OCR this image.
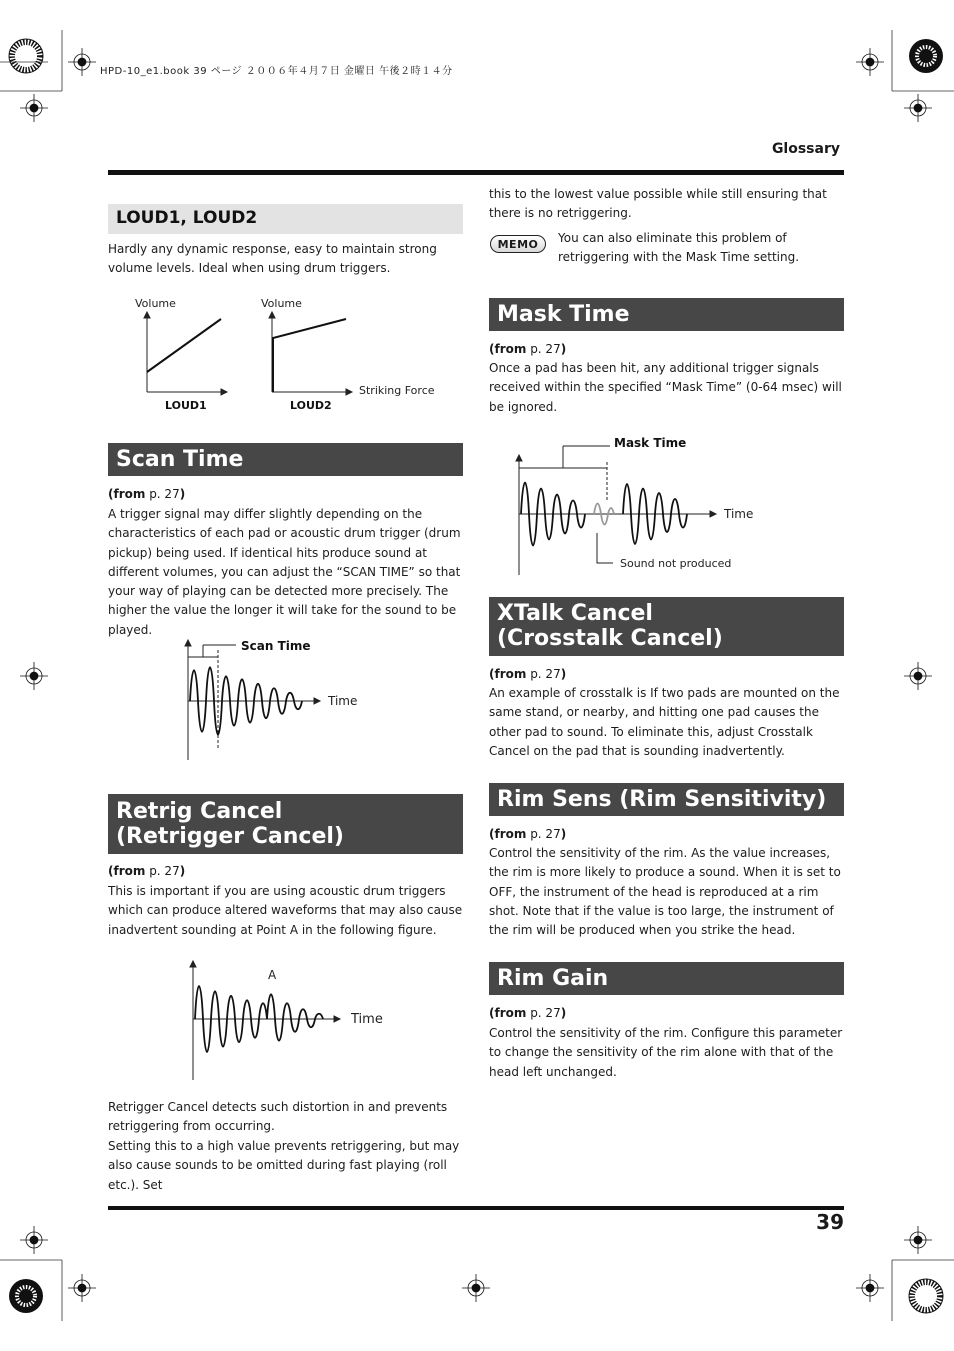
HPD-10_e1.book 39 ページ ２００６年４月７日 金曜日 午後２時１４分
Glossary
LOUD1, LOUD2
Hardly any dynamic response, easy to maintain strong volume levels. Ideal when using drum triggers.
Volume	Volume
Striking Force
LOUD1	LOUD2
Scan Time
(from p. 27)
A trigger signal may differ slightly depending on the characteristics of each pad or acoustic drum trigger (drum pickup) being used. If identical hits produce sound at different volumes, you can adjust the “SCAN TIME” so that your way of playing can be detected more precisely. The higher the value the longer it will take for the sound to be played.
Scan Time
Time
Retrig Cancel
(Retrigger Cancel)
(from p. 27)
This is important if you are using acoustic drum triggers which can produce altered waveforms that may also cause inadvertent sounding at Point A in the following figure.
A
Time
Retrigger Cancel detects such distortion in and prevents retriggering from occurring.
Setting this to a high value prevents retriggering, but may also cause sounds to be omitted during fast playing (roll etc.). Set
this to the lowest value possible while still ensuring that there is no retriggering.
MEMO	You can also eliminate this problem of retriggering with the Mask Time setting.
Mask Time
(from p. 27)
Once a pad has been hit, any additional trigger signals received within the specified “Mask Time” (0-64 msec) will be ignored.
Mask Time
Time
Sound not produced
XTalk Cancel
(Crosstalk Cancel)
(from p. 27)
An example of crosstalk is If two pads are mounted on the same stand, or nearby, and hitting one pad causes the other pad to sound. To eliminate this, adjust Crosstalk Cancel on the pad that is sounding inadvertently.
Rim Sens (Rim Sensitivity)
(from p. 27)
Control the sensitivity of the rim. As the value increases, the rim is more likely to produce a sound. When it is set to OFF, the instrument of the head is reproduced at a rim shot. Note that if the value is too large, the instrument of the rim will be produced when you strike the head.
Rim Gain
(from p. 27)
Control the sensitivity of the rim. Configure this parameter to change the sensitivity of the rim alone with that of the head left unchanged.
39
